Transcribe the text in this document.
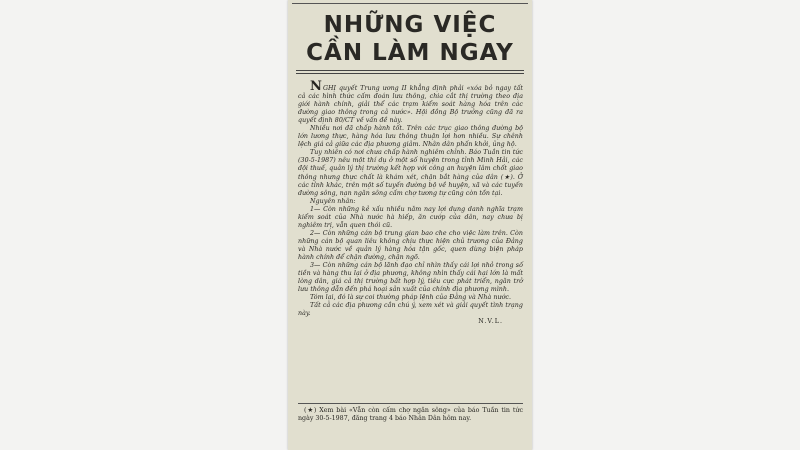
NHỮNG VIỆC
CẦN LÀM NGAY

NGHỊ quyết Trung ương II khẳng định phải «xóa bỏ ngay tất cả các hình thức cấm đoán lưu thông, chia cắt thị trường theo địa giới hành chính, giải thể các trạm kiểm soát hàng hóa trên các đường giao thông trong cả nước». Hội đồng Bộ trưởng cũng đã ra quyết định 80/CT về vấn đề này.

Nhiều nơi đã chấp hành tốt. Trên các trục giao thông đường bộ lớn lương thực, hàng hóa lưu thông thuận lợi hơn nhiều. Sự chênh lệch giá cả giữa các địa phương giảm. Nhân dân phấn khởi, ủng hộ.

Tuy nhiên có nơi chưa chấp hành nghiêm chỉnh. Báo Tuần tin tức (30-5-1987) nêu một thí dụ ở một số huyện trong tỉnh Minh Hải, các đội thuế, quản lý thị trường kết hợp với công an huyện lâm chốt giao thông nhưng thực chất là khám xét, chặn bắt hàng của dân (★). Ở các tỉnh khác, trên một số tuyến đường bộ về huyện, xã và các tuyến đường sông, nạn ngăn sông cấm chợ tương tự cũng còn tồn tại.

Nguyên nhân:

1— Còn những kẻ xấu nhiều năm nay lợi dụng danh nghĩa trạm kiểm soát của Nhà nước hà hiếp, ăn cướp của dân, nay chưa bị nghiêm trị, vẫn quen thói cũ.

2— Còn những cán bộ trung gian bao che cho việc làm trên. Còn những cán bộ quan liêu không chịu thực hiện chủ trương của Đảng và Nhà nước về quản lý hàng hóa tận gốc, quen dùng biện pháp hành chính để chặn đường, chặn ngõ.

3— Còn những cán bộ lãnh đạo chỉ nhìn thấy cái lợi nhỏ trong số tiền và hàng thu lại ở địa phương, không nhìn thấy cái hại lớn là mất lòng dân, giá cả thị trường bất hợp lý, tiêu cực phát triển, ngăn trở lưu thông dẫn đến phá hoại sản xuất của chính địa phương mình.

Tóm lại, đó là sự coi thường pháp lệnh của Đảng và Nhà nước.

Tất cả các địa phương cần chú ý, xem xét và giải quyết tình trạng này.

N.V.L.

(★) Xem bài «Vẫn còn cấm chợ ngăn sông» của báo Tuần tin tức ngày 30-5-1987, đăng trang 4 báo Nhân Dân hôm nay.
